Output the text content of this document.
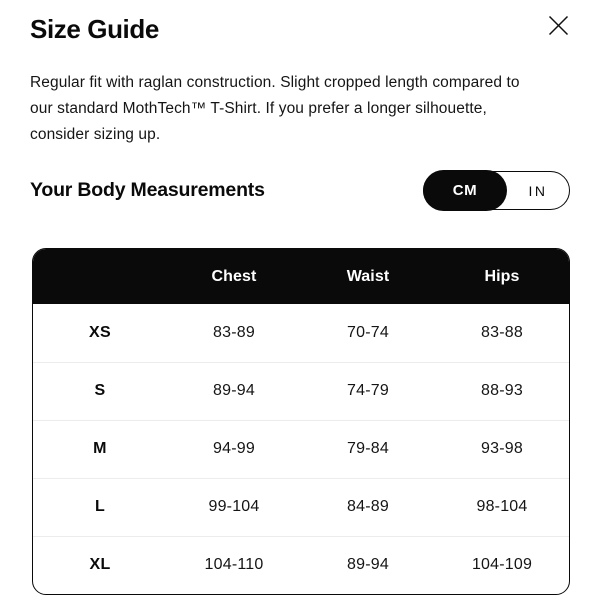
Size Guide
Regular fit with raglan construction. Slight cropped length compared to
our standard MothTech™ T-Shirt. If you prefer a longer silhouette,
consider sizing up.
Your Body Measurements	CM	IN
	Chest	Waist	Hips
XS	83-89	70-74	83-88
S	89-94	74-79	88-93
M	94-99	79-84	93-98
L	99-104	84-89	98-104
XL	104-110	89-94	104-109
